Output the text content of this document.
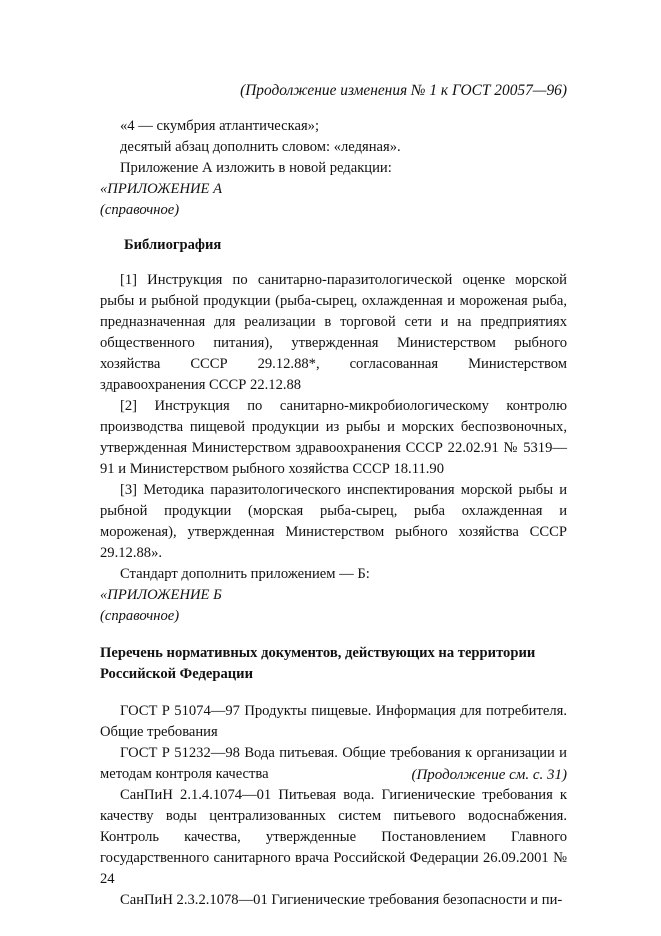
(Продолжение изменения № 1 к ГОСТ 20057—96)

«4 — скумбрия атлантическая»;

десятый абзац дополнить словом: «ледяная».

Приложение А изложить в новой редакции:

«ПРИЛОЖЕНИЕ А

(справочное)

Библиография

[1] Инструкция по санитарно-паразитологической оценке морской рыбы и рыбной продукции (рыба-сырец, охлажденная и мороженая рыба, предназначенная для реализации в торговой сети и на предприятиях общественного питания), утвержденная Министерством рыбного хозяйства СССР 29.12.88*, согласованная Министерством здравоохранения СССР 22.12.88

[2] Инструкция по санитарно-микробиологическому контролю производства пищевой продукции из рыбы и морских беспозвоночных, утвержденная Министерством здравоохранения СССР 22.02.91 № 5319—91 и Министерством рыбного хозяйства СССР 18.11.90

[3] Методика паразитологического инспектирования морской рыбы и рыбной продукции (морская рыба-сырец, рыба охлажденная и мороженая), утвержденная Министерством рыбного хозяйства СССР 29.12.88».

Стандарт дополнить приложением — Б:

«ПРИЛОЖЕНИЕ Б

(справочное)

Перечень нормативных документов, действующих на территории

Российской Федерации

ГОСТ Р 51074—97 Продукты пищевые. Информация для потребителя. Общие требования

ГОСТ Р 51232—98 Вода питьевая. Общие требования к организации и методам контроля качества

СанПиН 2.1.4.1074—01 Питьевая вода. Гигиенические требования к качеству воды централизованных систем питьевого водоснабжения. Контроль качества, утвержденные Постановлением Главного государственного санитарного врача Российской Федерации 26.09.2001 № 24

СанПиН 2.3.2.1078—01 Гигиенические требования безопасности и пи-

(Продолжение см. с. 31)
